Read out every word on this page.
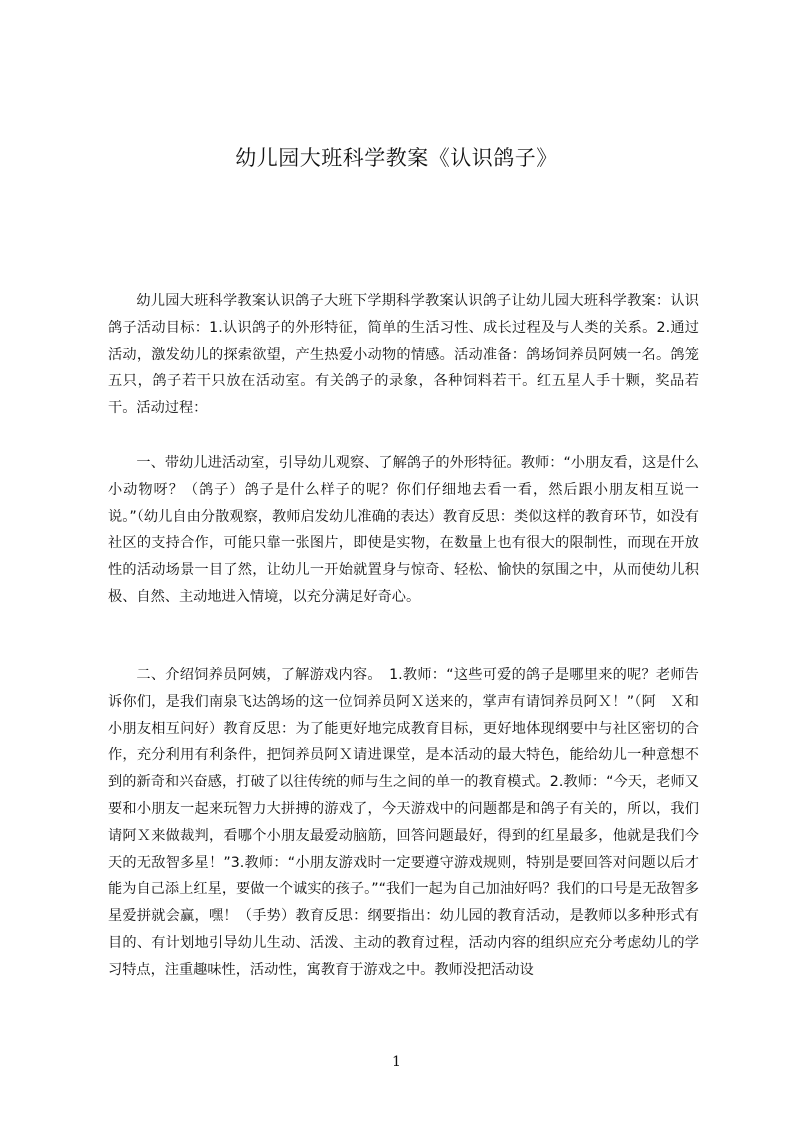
幼儿园大班科学教案《认识鸽子》

幼儿园大班科学教案认识鸽子大班下学期科学教案认识鸽子让幼儿园大班科学教案：认识鸽子活动目标：1.认识鸽子的外形特征，简单的生活习性、成长过程及与人类的关系。2.通过活动，激发幼儿的探索欲望，产生热爱小动物的情感。活动准备：鸽场饲养员阿姨一名。鸽笼五只，鸽子若干只放在活动室。有关鸽子的录象，各种饲料若干。红五星人手十颗，奖品若干。活动过程：

一、带幼儿进活动室，引导幼儿观察、了解鸽子的外形特征。教师：“小朋友看，这是什么小动物呀？（鸽子）鸽子是什么样子的呢？你们仔细地去看一看，然后跟小朋友相互说一说。”（幼儿自由分散观察，教师启发幼儿准确的表达）教育反思：类似这样的教育环节，如没有社区的支持合作，可能只靠一张图片，即使是实物，在数量上也有很大的限制性，而现在开放性的活动场景一目了然，让幼儿一开始就置身与惊奇、轻松、愉快的氛围之中，从而使幼儿积极、自然、主动地进入情境，以充分满足好奇心。

二、介绍饲养员阿姨，了解游戏内容。　1.教师：“这些可爱的鸽子是哪里来的呢？老师告诉你们，是我们南泉飞达鸽场的这一位饲养员阿Ｘ送来的，掌声有请饲养员阿Ｘ！”（阿　Ｘ和小朋友相互问好）教育反思：为了能更好地完成教育目标，更好地体现纲要中与社区密切的合作，充分利用有利条件，把饲养员阿Ｘ请进课堂，是本活动的最大特色，能给幼儿一种意想不到的新奇和兴奋感，打破了以往传统的师与生之间的单一的教育模式。2.教师：“今天，老师又要和小朋友一起来玩智力大拼搏的游戏了，今天游戏中的问题都是和鸽子有关的，所以，我们请阿Ｘ来做裁判，看哪个小朋友最爱动脑筋，回答问题最好，得到的红星最多，他就是我们今天的无敌智多星！”3.教师：“小朋友游戏时一定要遵守游戏规则，特别是要回答对问题以后才能为自己添上红星，要做一个诚实的孩子。”“我们一起为自己加油好吗？我们的口号是无敌智多星爱拼就会赢，嘿！（手势）教育反思：纲要指出：幼儿园的教育活动，是教师以多种形式有目的、有计划地引导幼儿生动、活泼、主动的教育过程，活动内容的组织应充分考虑幼儿的学习特点，注重趣味性，活动性，寓教育于游戏之中。教师没把活动设

1
